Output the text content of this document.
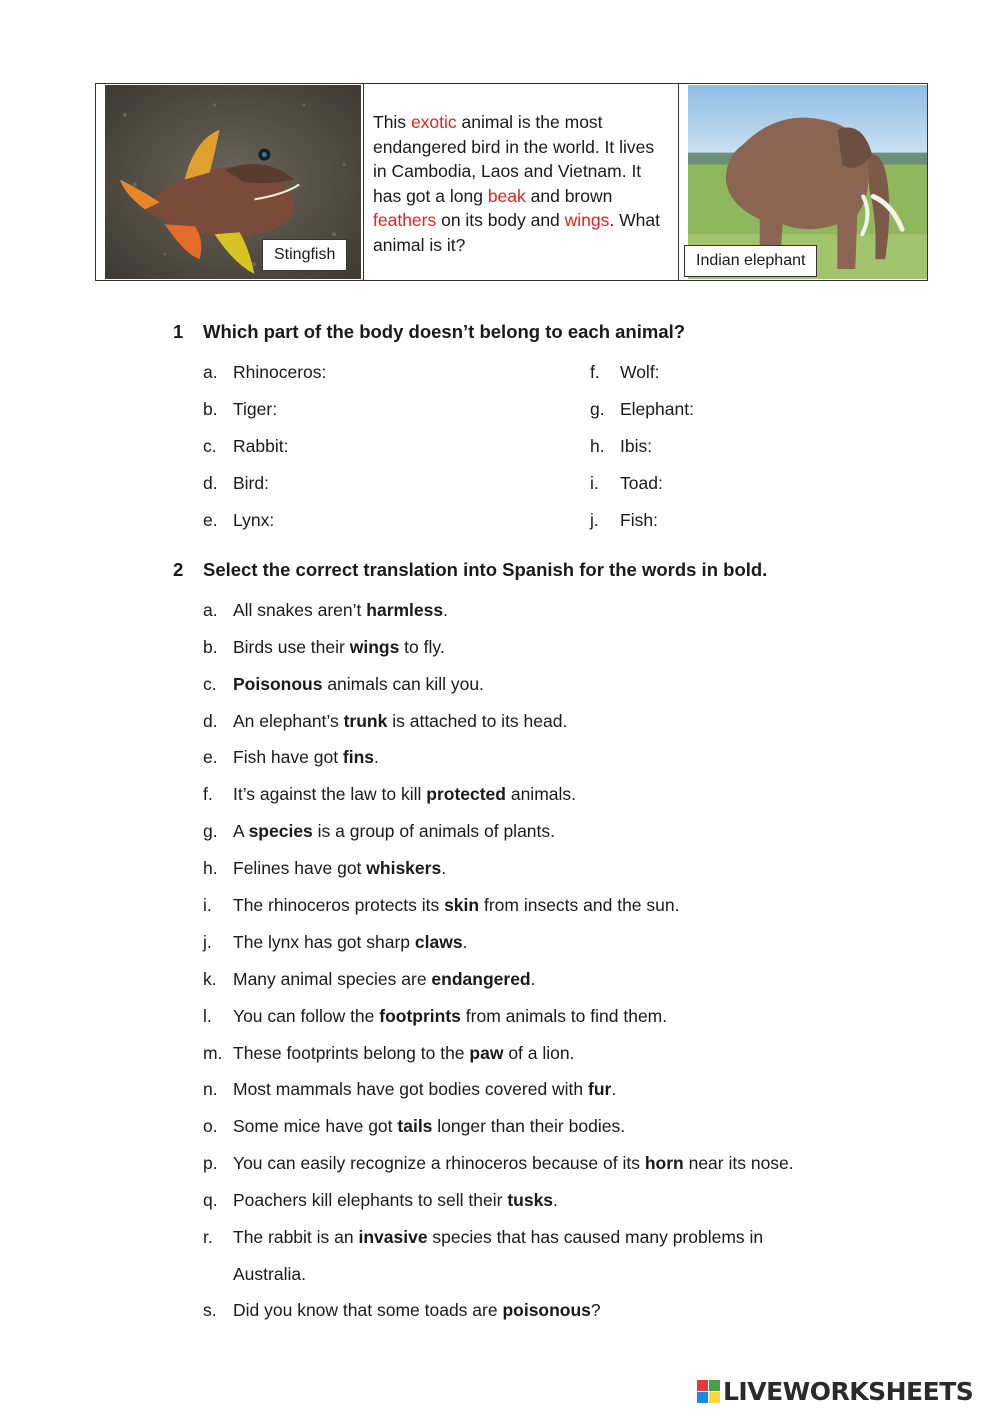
Stingfish
This exotic animal is the most endangered bird in the world. It lives in Cambodia, Laos and Vietnam. It has got a long beak and brown feathers on its body and wings. What animal is it?
Indian elephant
1 Which part of the body doesn’t belong to each animal?
a. Rhinoceros:
b. Tiger:
c. Rabbit:
d. Bird:
e. Lynx:
f. Wolf:
g. Elephant:
h. Ibis:
i. Toad:
j. Fish:
2 Select the correct translation into Spanish for the words in bold.
a. All snakes aren’t harmless.
b. Birds use their wings to fly.
c. Poisonous animals can kill you.
d. An elephant’s trunk is attached to its head.
e. Fish have got fins.
f. It’s against the law to kill protected animals.
g. A species is a group of animals of plants.
h. Felines have got whiskers.
i. The rhinoceros protects its skin from insects and the sun.
j. The lynx has got sharp claws.
k. Many animal species are endangered.
l. You can follow the footprints from animals to find them.
m. These footprints belong to the paw of a lion.
n. Most mammals have got bodies covered with fur.
o. Some mice have got tails longer than their bodies.
p. You can easily recognize a rhinoceros because of its horn near its nose.
q. Poachers kill elephants to sell their tusks.
r. The rabbit is an invasive species that has caused many problems in
Australia.
s. Did you know that some toads are poisonous?
LIVEWORKSHEETS
